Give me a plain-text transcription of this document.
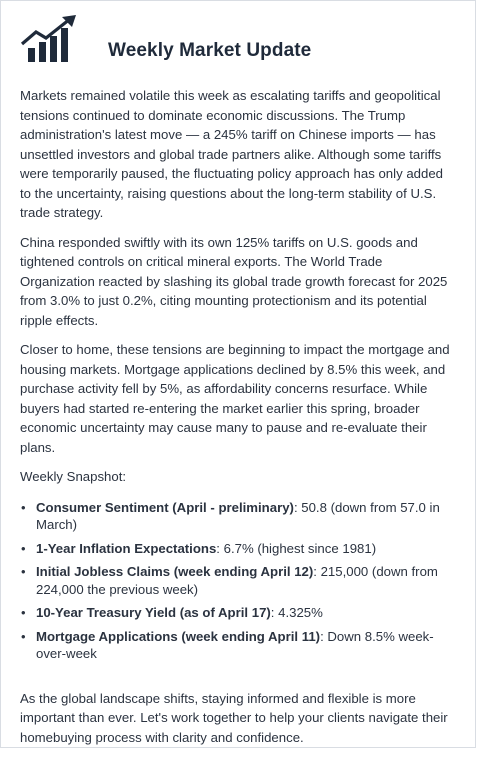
Weekly Market Update

Markets remained volatile this week as escalating tariffs and geopolitical tensions continued to dominate economic discussions. The Trump administration's latest move — a 245% tariff on Chinese imports — has unsettled investors and global trade partners alike. Although some tariffs were temporarily paused, the fluctuating policy approach has only added to the uncertainty, raising questions about the long-term stability of U.S. trade strategy.

China responded swiftly with its own 125% tariffs on U.S. goods and tightened controls on critical mineral exports. The World Trade Organization reacted by slashing its global trade growth forecast for 2025 from 3.0% to just 0.2%, citing mounting protectionism and its potential ripple effects.

Closer to home, these tensions are beginning to impact the mortgage and housing markets. Mortgage applications declined by 8.5% this week, and purchase activity fell by 5%, as affordability concerns resurface. While buyers had started re-entering the market earlier this spring, broader economic uncertainty may cause many to pause and re-evaluate their plans.

Weekly Snapshot:

• Consumer Sentiment (April - preliminary): 50.8 (down from 57.0 in March)
• 1-Year Inflation Expectations: 6.7% (highest since 1981)
• Initial Jobless Claims (week ending April 12): 215,000 (down from 224,000 the previous week)
• 10-Year Treasury Yield (as of April 17): 4.325%
• Mortgage Applications (week ending April 11): Down 8.5% week-over-week

As the global landscape shifts, staying informed and flexible is more important than ever. Let's work together to help your clients navigate their homebuying process with clarity and confidence.
